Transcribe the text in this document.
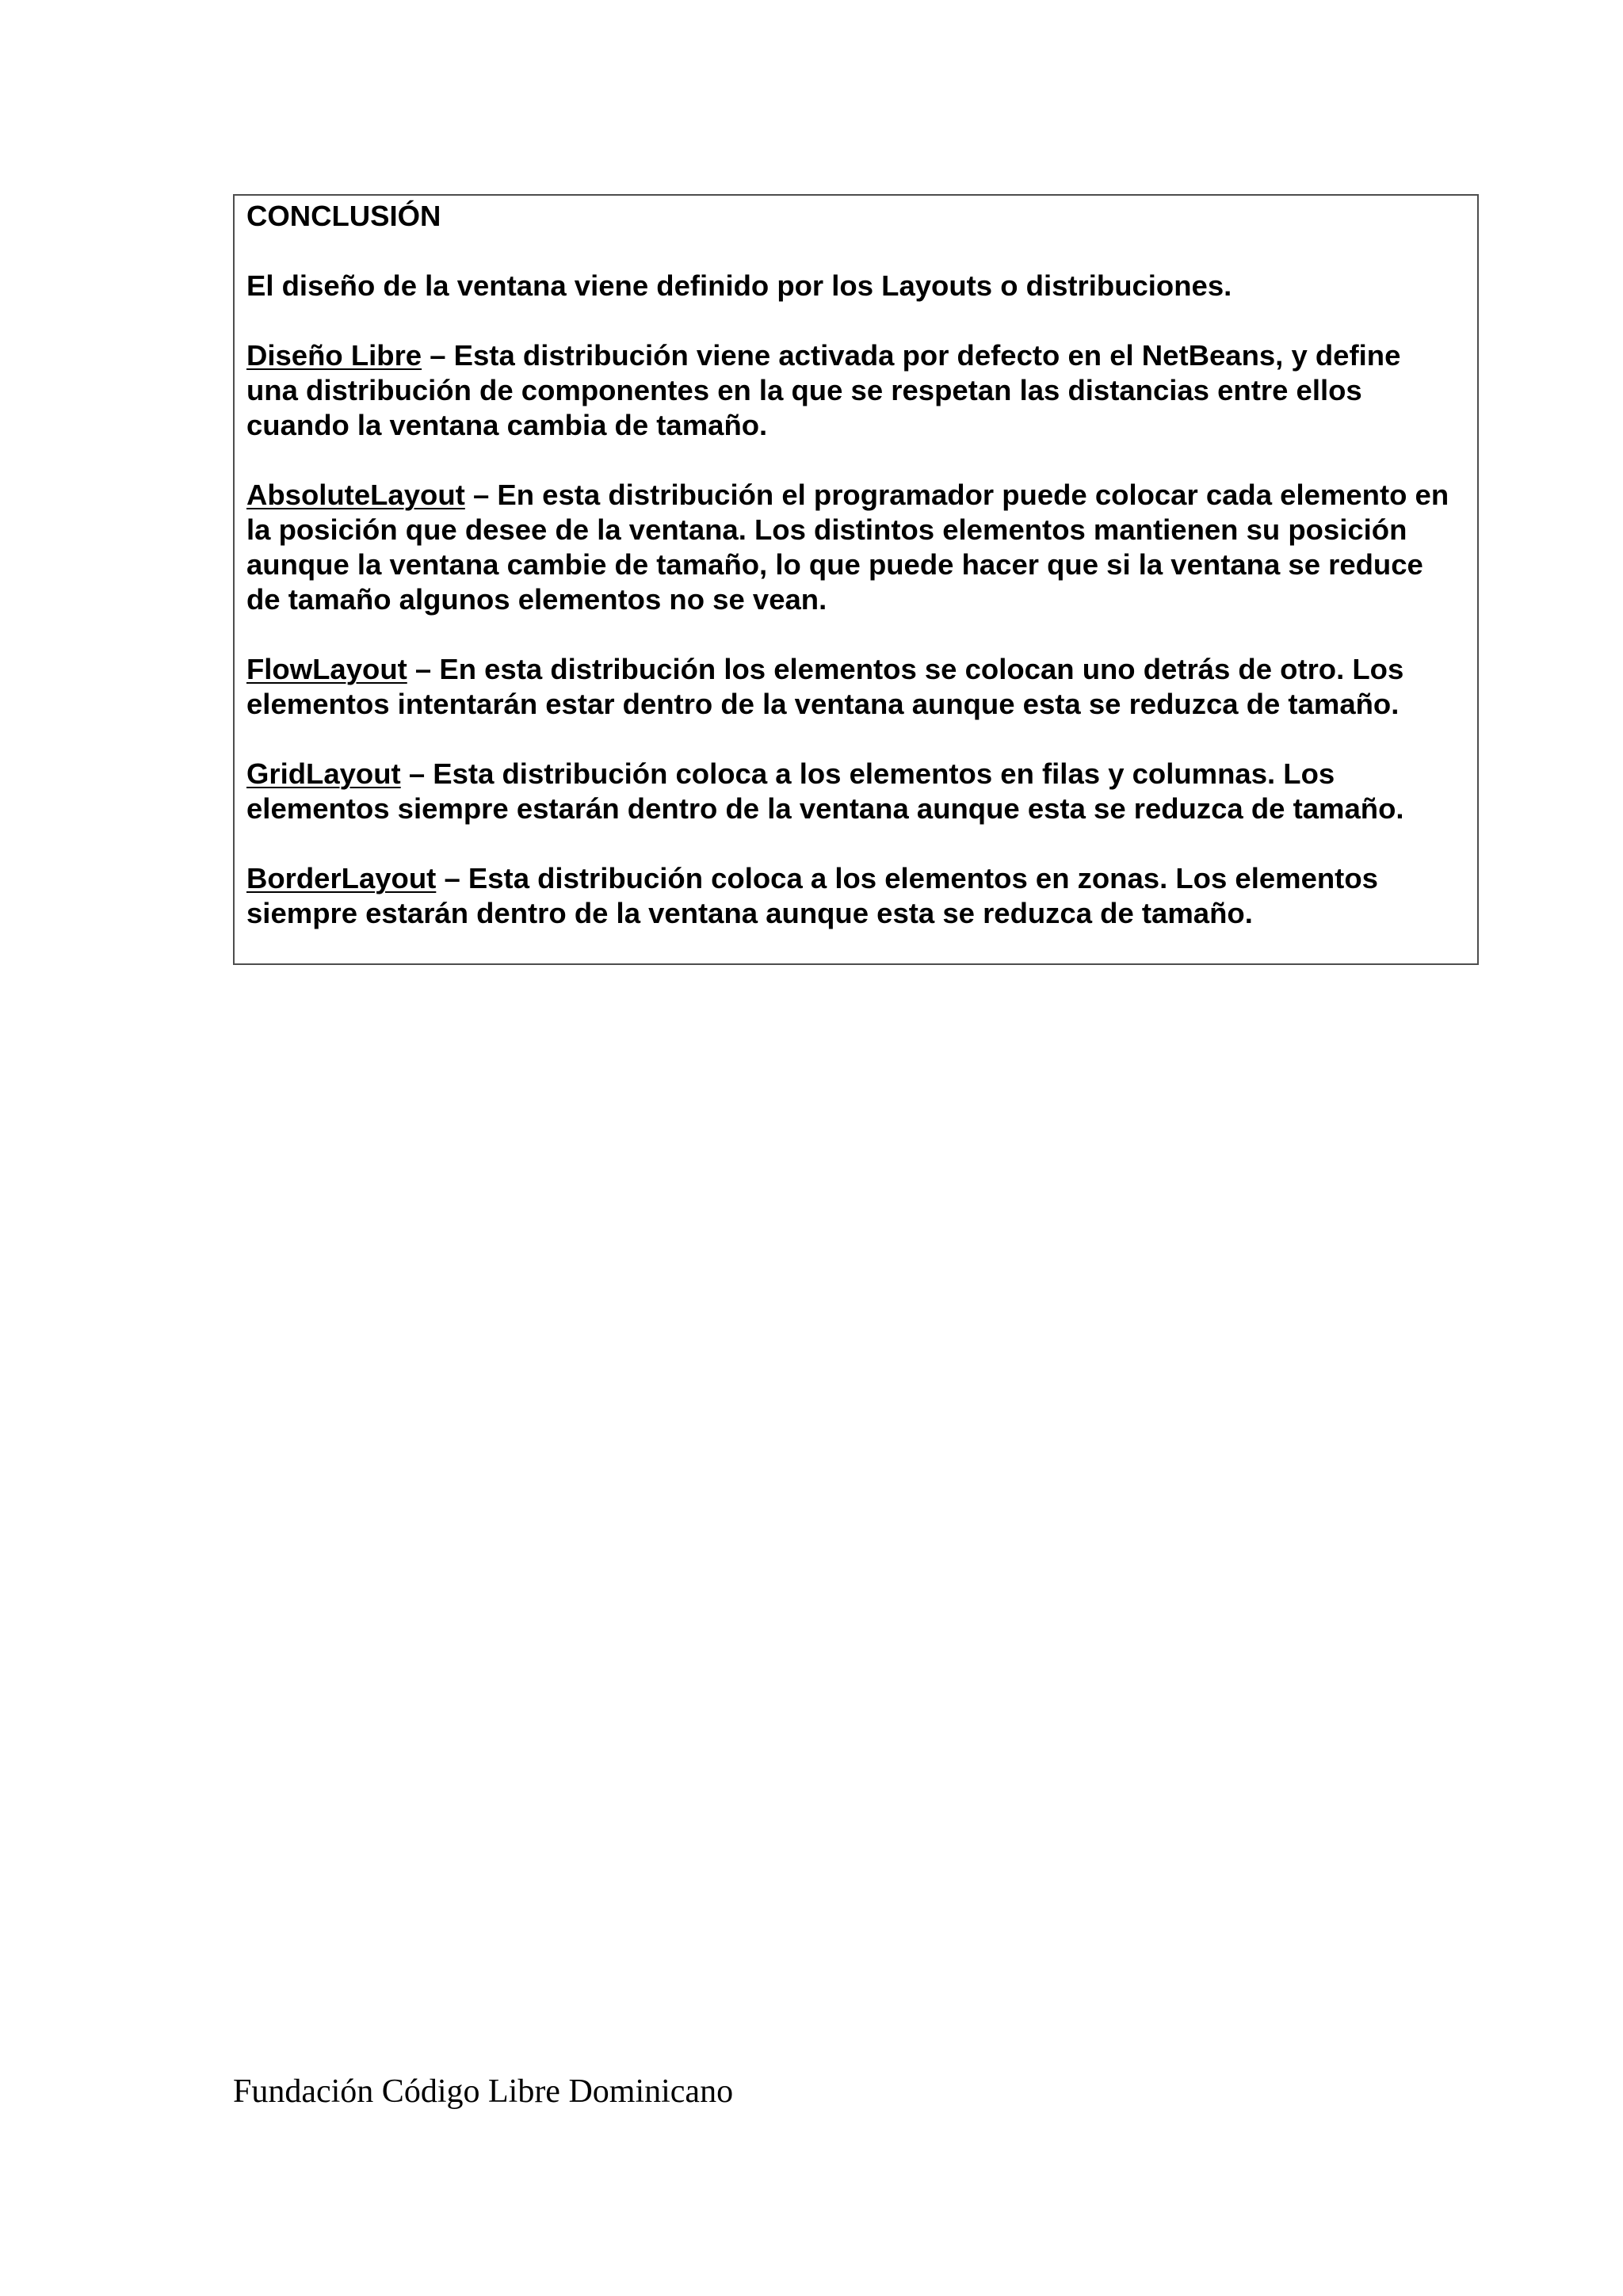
CONCLUSIÓN

El diseño de la ventana viene definido por los Layouts o distribuciones.

Diseño Libre – Esta distribución viene activada por defecto en el NetBeans, y define una distribución de componentes en la que se respetan las distancias entre ellos cuando la ventana cambia de tamaño.

AbsoluteLayout – En esta distribución el programador puede colocar cada elemento en la posición que desee de la ventana. Los distintos elementos mantienen su posición aunque la ventana cambie de tamaño, lo que puede hacer que si la ventana se reduce de tamaño algunos elementos no se vean.

FlowLayout – En esta distribución los elementos se colocan uno detrás de otro. Los elementos intentarán estar dentro de la ventana aunque esta se reduzca de tamaño.

GridLayout – Esta distribución coloca a los elementos en filas y columnas. Los elementos siempre estarán dentro de la ventana aunque esta se reduzca de tamaño.

BorderLayout – Esta distribución coloca a los elementos en zonas. Los elementos siempre estarán dentro de la ventana aunque esta se reduzca de tamaño.

Fundación Código Libre Dominicano
